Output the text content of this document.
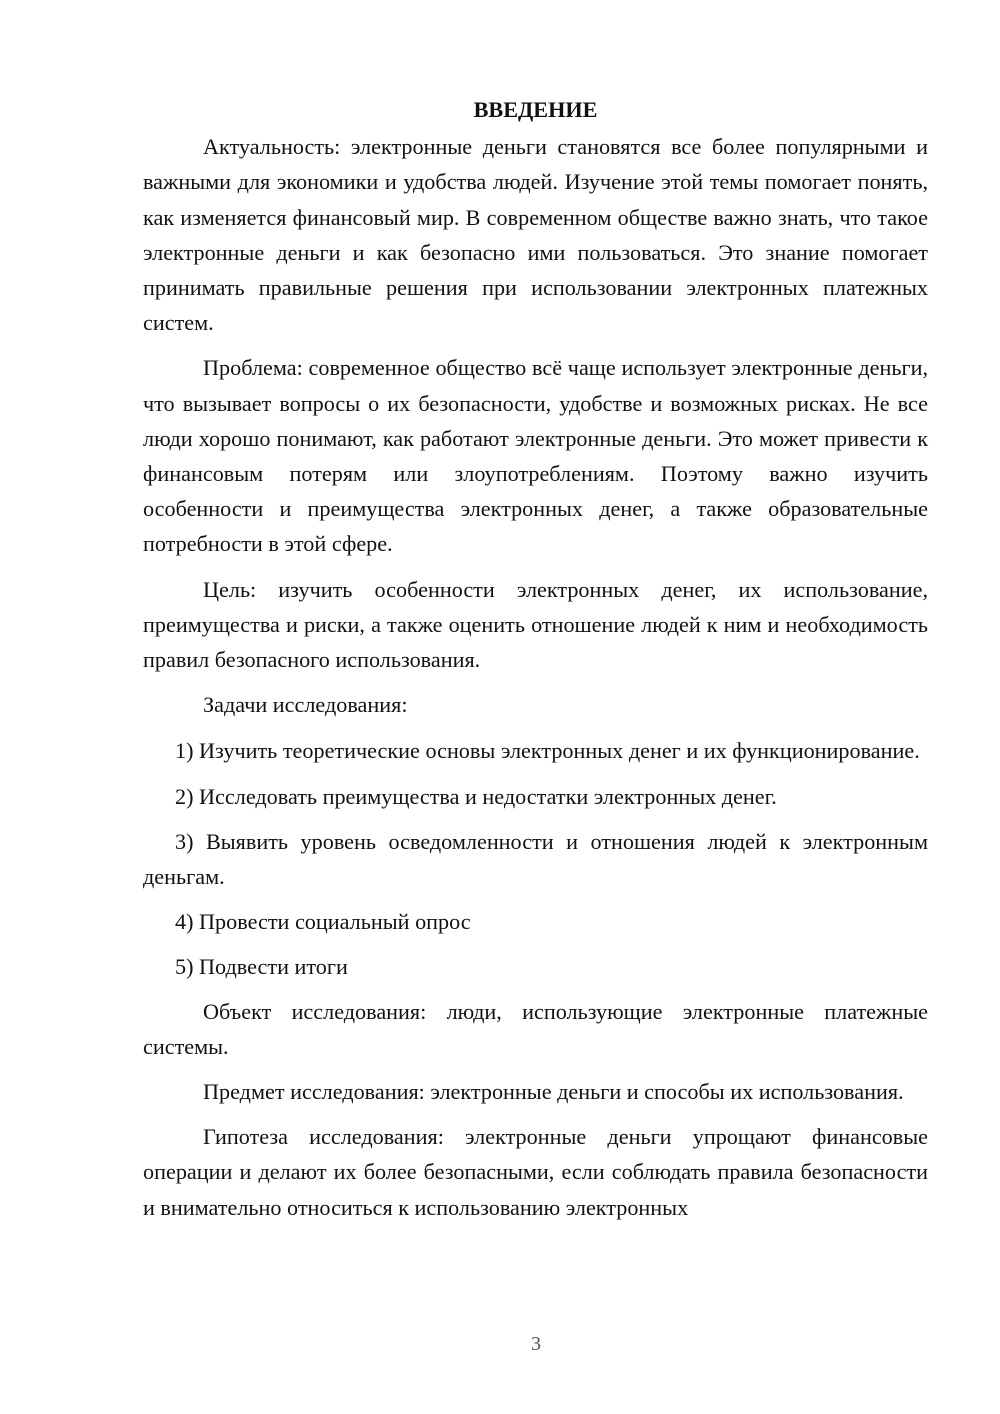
ВВЕДЕНИЕ

Актуальность: электронные деньги становятся все более популярными и важными для экономики и удобства людей. Изучение этой темы помогает понять, как изменяется финансовый мир. В современном обществе важно знать, что такое электронные деньги и как безопасно ими пользоваться. Это знание помогает принимать правильные решения при использовании электронных платежных систем.

Проблема: современное общество всё чаще использует электронные деньги, что вызывает вопросы о их безопасности, удобстве и возможных рисках. Не все люди хорошо понимают, как работают электронные деньги. Это может привести к финансовым потерям или злоупотреблениям. Поэтому важно изучить особенности и преимущества электронных денег, а также образовательные потребности в этой сфере.

Цель: изучить особенности электронных денег, их использование, преимущества и риски, а также оценить отношение людей к ним и необходимость правил безопасного использования.

Задачи исследования:

1) Изучить теоретические основы электронных денег и их функционирование.

2) Исследовать преимущества и недостатки электронных денег.

3) Выявить уровень осведомленности и отношения людей к электронным деньгам.

4) Провести социальный опрос

5) Подвести итоги

Объект исследования: люди, использующие электронные платежные системы.

Предмет исследования: электронные деньги и способы их использования.

Гипотеза исследования: электронные деньги упрощают финансовые операции и делают их более безопасными, если соблюдать правила безопасности и внимательно относиться к использованию электронных

3
